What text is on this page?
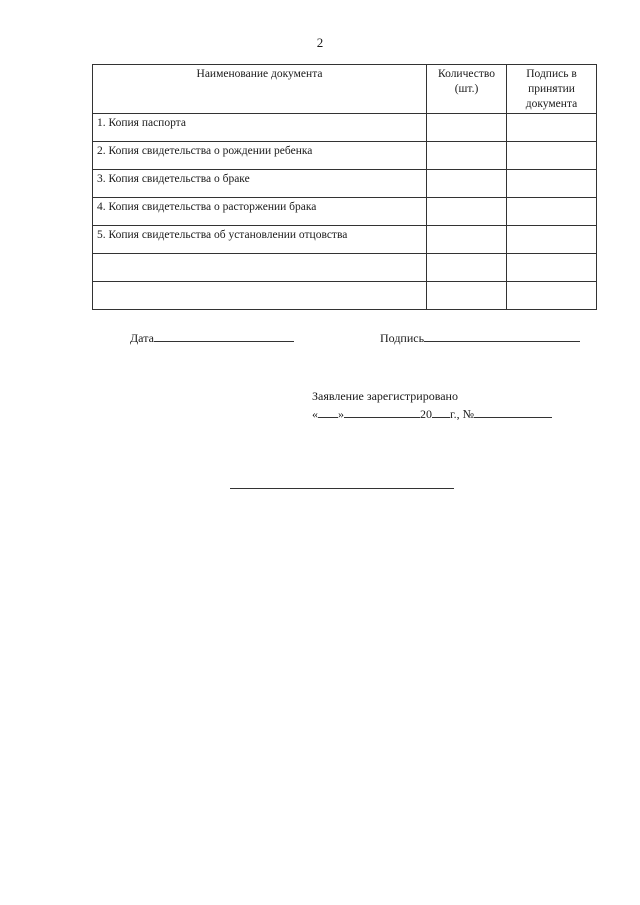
2
Наименование документа	Количество (шт.)	Подпись в принятии документа
1. Копия паспорта		
2. Копия свидетельства о рождении ребенка		
3. Копия свидетельства о браке		
4. Копия свидетельства о расторжении брака		
5. Копия свидетельства об установлении отцовства		

Дата	Подпись
Заявление зарегистрировано
« »	20 г., №
